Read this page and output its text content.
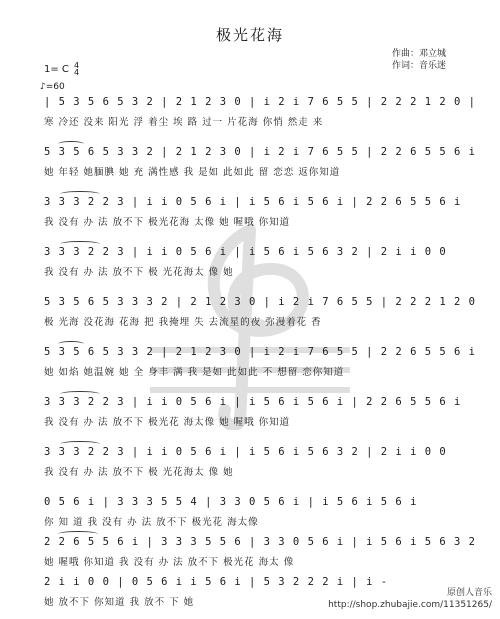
极光花海
作曲：邓立城
作词：音乐迷
1= C 4
4
♪=60
| 5 3 5 6 5 3 2 | 2 1 2 3 0 | i 2 i 7 6 5 5 | 2 2 2 1 2 0 |
寒 冷还 没来 阳光 浮 着尘 埃 路 过一 片花海 你悄 然走 来
5 3 5 6 5 3 3 2 | 2 1 2 3 0 | i 2 i 7 6 5 5 | 2 2 6 5 5 6 i
她 年轻 她腼腆 她 充 满性感 我 是如 此如此 留 恋恋 返你知道
3 3 3 2 2 3 | i i 0 5 6 i | i 5 6 i 5 6 i | 2 2 6 5 5 6 i
我 没有 办 法 放不下 极光花海 太像 她 喔哦 你知道
3 3 3 2 2 3 | i i 0 5 6 i | i 5 6 i 5 6 3 2 | 2 i i 0 0
我 没有 办 法 放不下 极 光花海太 像 她
5 3 5 6 5 3 3 3 2 | 2 1 2 3 0 | i 2 i 7 6 5 5 | 2 2 2 1 2 0
极 光海 没花海 花海 把 我掩埋 失 去流星的夜 弥漫着花 香
5 3 5 6 5 3 3 2 | 2 1 2 3 0 | i 2 i 7 6 5 5 | 2 2 6 5 5 6 i
她 如焰 她温婉 她 全 身丰 满 我 是如 此如此 不 想留 恋你知道
3 3 3 2 2 3 | i i 0 5 6 i | i 5 6 i 5 6 i | 2 2 6 5 5 6 i
我 没有 办 法 放不下 极光花 海太像 她 喔哦 你知道
3 3 3 2 2 3 | i i 0 5 6 i | i 5 6 i 5 6 3 2 | 2 i i 0 0
我 没有 办 法 放不下 极 光花海太 像 她
0 5 6 i | 3 3 3 5 5 4 | 3 3 0 5 6 i | i 5 6 i 5 6 i
你 知 道 我 没有 办 法 放不下 极光花 海太像
2 2 6 5 5 6 i | 3 3 3 5 5 6 | 3 3 0 5 6 i | i 5 6 i 5 6 3 2
她 喔哦 你知道 我 没有 办 法 放不下 极光花 海太 像
2 i i 0 0 | 0 5 6 i i 5 6 i | 5 3 2 2 2 i | i -
她 放不下 你知道 我 放不 下 她
原创人音乐
http://shop.zhubajie.com/11351265/
